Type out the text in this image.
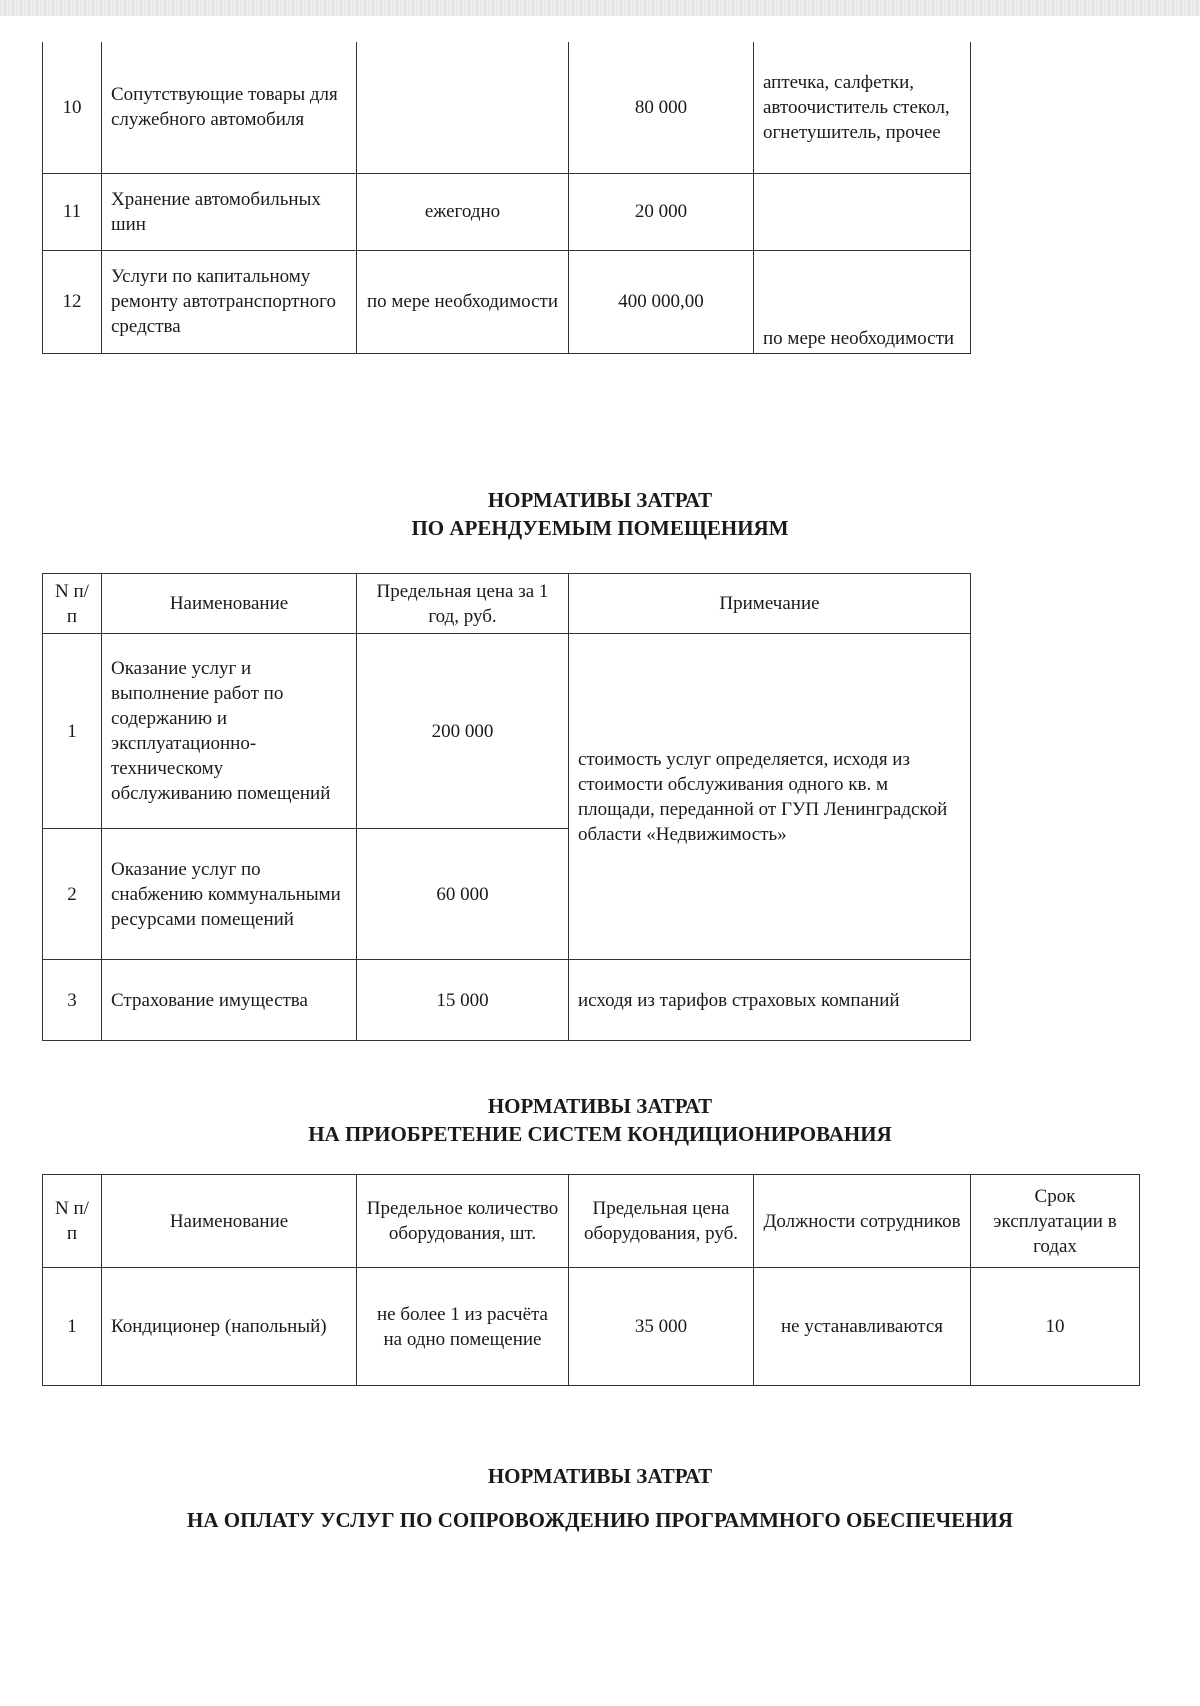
10	Сопутствующие товары для служебного автомобиля		80 000	аптечка, салфетки, автоочиститель стекол, огнетушитель, прочее
11	Хранение автомобильных шин	ежегодно	20 000	
12	Услуги по капитальному ремонту автотранспортного средства	по мере необходимости	400 000,00	по мере необходимости
НОРМАТИВЫ ЗАТРАТ
ПО АРЕНДУЕМЫМ ПОМЕЩЕНИЯМ
N п/п	Наименование	Предельная цена за 1 год, руб.	Примечание
1	Оказание услуг и выполнение работ по содержанию и эксплуатационно-техническому обслуживанию помещений	200 000	стоимость услуг определяется, исходя из стоимости обслуживания одного кв. м площади, переданной от ГУП Ленинградской области «Недвижимость»
2	Оказание услуг по снабжению коммунальными ресурсами помещений	60 000	
3	Страхование имущества	15 000	исходя из тарифов страховых компаний
НОРМАТИВЫ ЗАТРАТ
НА ПРИОБРЕТЕНИЕ СИСТЕМ КОНДИЦИОНИРОВАНИЯ
N п/п	Наименование	Предельное количество оборудования, шт.	Предельная цена оборудования, руб.	Должности сотрудников	Срок эксплуатации в годах
1	Кондиционер (напольный)	не более 1 из расчёта на одно помещение	35 000	не устанавливаются	10
НОРМАТИВЫ ЗАТРАТ
НА ОПЛАТУ УСЛУГ ПО СОПРОВОЖДЕНИЮ ПРОГРАММНОГО ОБЕСПЕЧЕНИЯ
